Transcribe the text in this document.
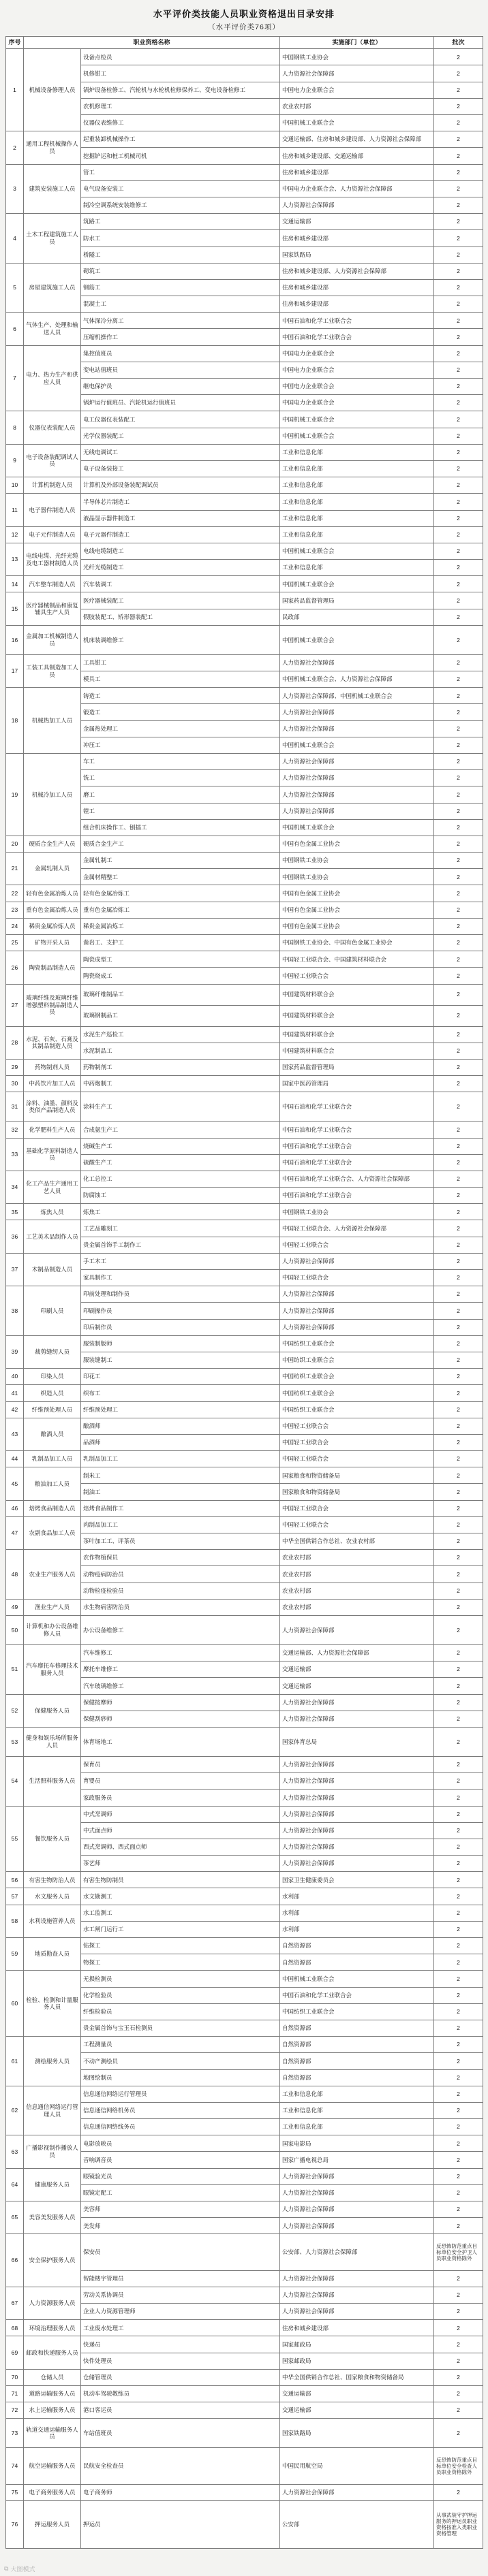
水平评价类技能人员职业资格退出目录安排
（水平评价类76项）
序号	职业资格名称		实施部门（单位）	批次
1	机械设备修理人员	设备点检员	中国钢铁工业协会	2
		机修钳工	人力资源社会保障部	2
		锅炉设备检修工、汽轮机与水轮机检修保养工、变电设备检修工	中国电力企业联合会	2
		农机修理工	农业农村部	2
		仪器仪表维修工	中国机械工业联合会	2
2	通用工程机械操作人员	起重装卸机械操作工	交通运输部、住房和城乡建设部、人力资源社会保障部	2
		挖掘铲运和桩工机械司机	住房和城乡建设部、交通运输部	2
3	建筑安装施工人员	管工	住房和城乡建设部	2
		电气设备安装工	中国电力企业联合会、人力资源社会保障部	2
		制冷空调系统安装维修工	人力资源社会保障部	2
4	土木工程建筑施工人员	筑路工	交通运输部	2
		防水工	住房和城乡建设部	2
		桥隧工	国家铁路局	2
5	房屋建筑施工人员	砌筑工	住房和城乡建设部、人力资源社会保障部	2
		钢筋工	住房和城乡建设部	2
		混凝土工	住房和城乡建设部	2
6	气体生产、处理和输送人员	气体深冷分离工	中国石油和化学工业联合会	2
		压缩机操作工	中国石油和化学工业联合会	2
7	电力、热力生产和供应人员	集控值班员	中国电力企业联合会	2
		变电站值班员	中国电力企业联合会	2
		继电保护员	中国电力企业联合会	2
		锅炉运行值班员、汽轮机运行值班员	中国电力企业联合会	2
8	仪器仪表装配人员	电工仪器仪表装配工	中国机械工业联合会	2
		光学仪器装配工	中国机械工业联合会	2
9	电子设备装配调试人员	无线电调试工	工业和信息化部	2
		电子设备装接工	工业和信息化部	2
10	计算机制造人员	计算机及外部设备装配调试员	工业和信息化部	2
11	电子器件制造人员	半导体芯片制造工	工业和信息化部	2
		液晶显示器件制造工	工业和信息化部	2
12	电子元件制造人员	电子元器件制造工	工业和信息化部	2
13	电线电缆、光纤光缆及电工器材制造人员	电线电缆制造工	中国机械工业联合会	2
		光纤光缆制造工	工业和信息化部	2
14	汽车整车制造人员	汽车装调工	中国机械工业联合会	2
15	医疗器械制品和康复辅具生产人员	医疗器械装配工	国家药品监督管理局	2
		假肢装配工、矫形器装配工	民政部	2
16	金属加工机械制造人员	机床装调维修工	中国机械工业联合会	2
17	工装工具制造加工人员	工具钳工	人力资源社会保障部	2
		模具工	中国机械工业联合会、人力资源社会保障部	2
18	机械热加工人员	铸造工	人力资源社会保障部、中国机械工业联合会	2
		锻造工	人力资源社会保障部	2
		金属热处理工	人力资源社会保障部	2
		冲压工	中国机械工业联合会	2
19	机械冷加工人员	车工	人力资源社会保障部	2
		铣工	人力资源社会保障部	2
		磨工	人力资源社会保障部	2
		镗工	人力资源社会保障部	2
		组合机床操作工、刨插工	中国机械工业联合会	2
20	硬质合金生产人员	硬质合金生产工	中国有色金属工业协会	2
21	金属轧制人员	金属轧制工	中国钢铁工业协会	2
		金属材精整工	中国钢铁工业协会	2
22	轻有色金属冶炼人员	轻有色金属冶炼工	中国有色金属工业协会	2
23	重有色金属冶炼人员	重有色金属冶炼工	中国有色金属工业协会	2
24	稀贵金属冶炼人员	稀贵金属冶炼工	中国有色金属工业协会	2
25	矿物开采人员	凿岩工、支护工	中国钢铁工业协会、中国有色金属工业协会	2
26	陶瓷制品制造人员	陶瓷成型工	中国轻工业联合会、中国建筑材料联合会	2
		陶瓷烧成工	中国轻工业联合会	2
27	玻璃纤维及玻璃纤维增强塑料制品制造人员	玻璃纤维制品工	中国建筑材料联合会	2
		玻璃钢制品工	中国建筑材料联合会	2
28	水泥、石灰、石膏及其制品制造人员	水泥生产巡检工	中国建筑材料联合会	2
		水泥制品工	中国建筑材料联合会	2
29	药物制剂人员	药物制剂工	国家药品监督管理局	2
30	中药饮片加工人员	中药炮制工	国家中医药管理局	2
31	涂料、油墨、颜料及类似产品制造人员	涂料生产工	中国石油和化学工业联合会	2
32	化学肥料生产人员	合成氨生产工	中国石油和化学工业联合会	2
33	基础化学原料制造人员	烧碱生产工	中国石油和化学工业联合会	2
		硫酸生产工	中国石油和化学工业联合会	2
34	化工产品生产通用工艺人员	化工总控工	中国石油和化学工业联合会、人力资源社会保障部	2
		防腐蚀工	中国石油和化学工业联合会	2
35	炼焦人员	炼焦工	中国钢铁工业协会	2
36	工艺美术品制作人员	工艺品雕刻工	中国轻工业联合会、人力资源社会保障部	2
		贵金属首饰手工制作工	中国轻工业联合会	2
37	木制品制造人员	手工木工	人力资源社会保障部	2
		家具制作工	中国轻工业联合会	2
38	印刷人员	印前处理和制作员	人力资源社会保障部	2
		印刷操作员	人力资源社会保障部	2
		印后制作员	人力资源社会保障部	2
39	裁剪缝纫人员	服装制版师	中国纺织工业联合会	2
		服装缝制工	中国纺织工业联合会	2
40	印染人员	印花工	中国纺织工业联合会	2
41	织造人员	织布工	中国纺织工业联合会	2
42	纤维预处理人员	纤维预处理工	中国纺织工业联合会	2
43	酿酒人员	酿酒师	中国轻工业联合会	2
		品酒师	中国轻工业联合会	2
44	乳制品加工人员	乳制品加工工	中国轻工业联合会	2
45	粮油加工人员	制米工	国家粮食和物资储备局	2
		制油工	国家粮食和物资储备局	2
46	焙烤食品制造人员	焙烤食品制作工	中国轻工业联合会	2
47	农副食品加工人员	肉制品加工工	中国轻工业联合会	2
		茶叶加工工、评茶员	中华全国供销合作总社、农业农村部	2
48	农业生产服务人员	农作物植保员	农业农村部	2
		动物疫病防治员	农业农村部	2
		动物检疫检验员	农业农村部	2
49	渔业生产人员	水生物病害防治员	农业农村部	2
50	计算机和办公设备维修人员	办公设备维修工	人力资源社会保障部	2
51	汽车摩托车修理技术服务人员	汽车维修工	交通运输部、人力资源社会保障部	2
		摩托车维修工	交通运输部	2
		汽车玻璃维修工	交通运输部	2
52	保健服务人员	保健按摩师	人力资源社会保障部	2
		保健刮痧师	人力资源社会保障部	2
53	健身和娱乐场所服务人员	体育场地工	国家体育总局	2
54	生活照料服务人员	保育员	人力资源社会保障部	2
		育婴员	人力资源社会保障部	2
		家政服务员	人力资源社会保障部	2
55	餐饮服务人员	中式烹调师	人力资源社会保障部	2
		中式面点师	人力资源社会保障部	2
		西式烹调师、西式面点师	人力资源社会保障部	2
		茶艺师	人力资源社会保障部	2
56	有害生物防治人员	有害生物防制员	国家卫生健康委员会	2
57	水文服务人员	水文勘测工	水利部	2
58	水利设施管养人员	水工监测工	水利部	2
		水工闸门运行工	水利部	2
59	地质勘查人员	钻探工	自然资源部	2
		物探工	自然资源部	2
60	检验、检测和计量服务人员	无损检测员	中国机械工业联合会	2
		化学检验员	中国石油和化学工业联合会	2
		纤维检验员	中国纺织工业联合会	2
		贵金属首饰与宝玉石检测员	自然资源部	2
61	测绘服务人员	工程测量员	自然资源部	2
		不动产测绘员	自然资源部	2
		地图绘制员	自然资源部	2
62	信息通信网络运行管理人员	信息通信网络运行管理员	工业和信息化部	2
		信息通信网络机务员	工业和信息化部	2
		信息通信网络线务员	工业和信息化部	2
63	广播影视制作播放人员	电影放映员	国家电影局	2
		音响调音员	国家广播电视总局	2
64	健康服务人员	眼镜验光员	人力资源社会保障部	2
		眼镜定配工	人力资源社会保障部	2
65	美容美发服务人员	美容师	人力资源社会保障部	2
		美发师	人力资源社会保障部	2
66	安全保护服务人员	保安员	公安部、人力资源社会保障部	反恐怖防范重点目标单位安全护卫人员职业资格除外
		智能楼宇管理员	人力资源社会保障部	2
67	人力资源服务人员	劳动关系协调员	人力资源社会保障部	2
		企业人力资源管理师	人力资源社会保障部	2
68	环境治理服务人员	工业废水处理工	住房和城乡建设部	2
69	邮政和快递服务人员	快递员	国家邮政局	2
		快件处理员	国家邮政局	2
70	仓储人员	仓储管理员	中华全国供销合作总社、国家粮食和物资储备局	2
71	道路运输服务人员	机动车驾驶教练员	交通运输部	2
72	水上运输服务人员	港口客运员	交通运输部	2
73	轨道交通运输服务人员	车站值班员	国家铁路局	2
74	航空运输服务人员	民航安全检查员	中国民用航空局	反恐怖防范重点目标单位安全检查人员职业资格除外
75	电子商务服务人员	电子商务师	人力资源社会保障部	2
76	押运服务人员	押运员	公安部	从事武装守护押运服务的押运员职业资格按准入类职业资格管理
⧉ 大图模式
